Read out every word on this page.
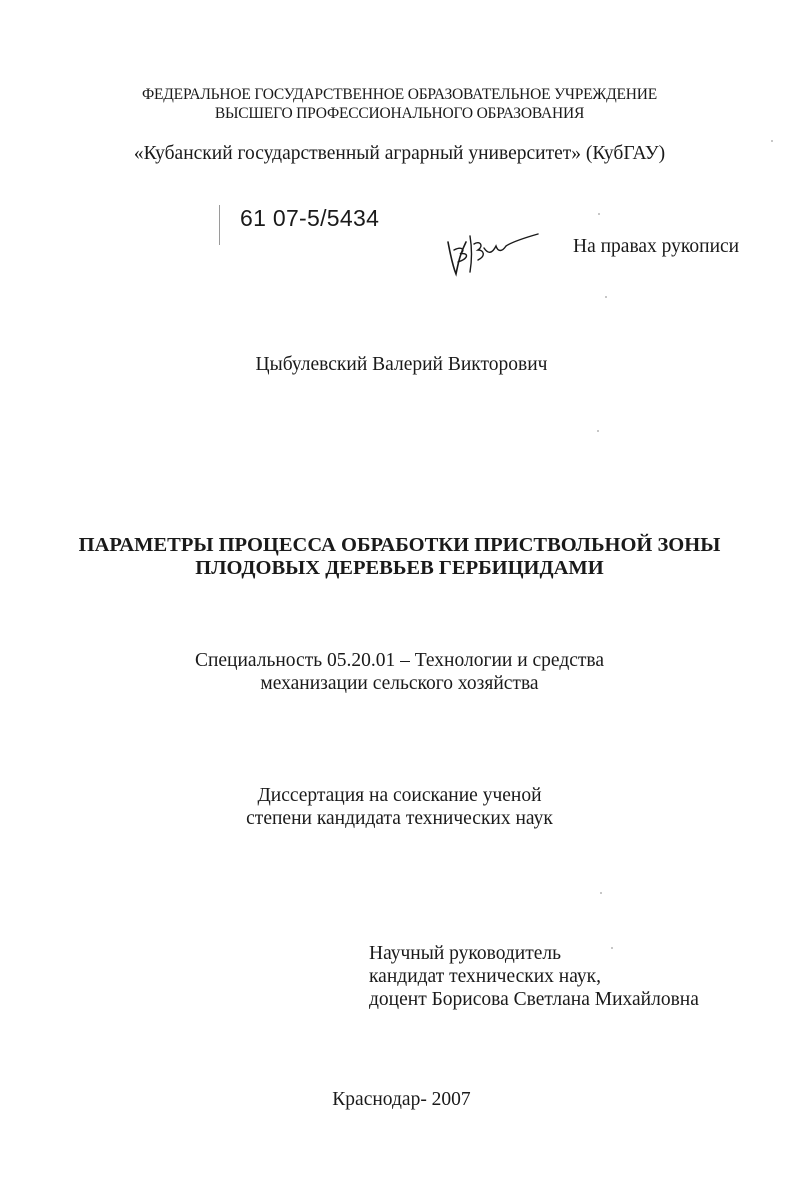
ФЕДЕРАЛЬНОЕ ГОСУДАРСТВЕННОЕ ОБРАЗОВАТЕЛЬНОЕ УЧРЕЖДЕНИЕ
ВЫСШЕГО ПРОФЕССИОНАЛЬНОГО ОБРАЗОВАНИЯ
«Кубанский государственный аграрный университет» (КубГАУ)
61 07-5/5434
На правах рукописи
Цыбулевский Валерий Викторович
ПАРАМЕТРЫ ПРОЦЕССА ОБРАБОТКИ ПРИСТВОЛЬНОЙ ЗОНЫ
ПЛОДОВЫХ ДЕРЕВЬЕВ ГЕРБИЦИДАМИ
Специальность 05.20.01 – Технологии и средства
механизации сельского хозяйства
Диссертация на соискание ученой
степени кандидата технических наук
Научный руководитель
кандидат технических наук,
доцент Борисова Светлана Михайловна
Краснодар- 2007
